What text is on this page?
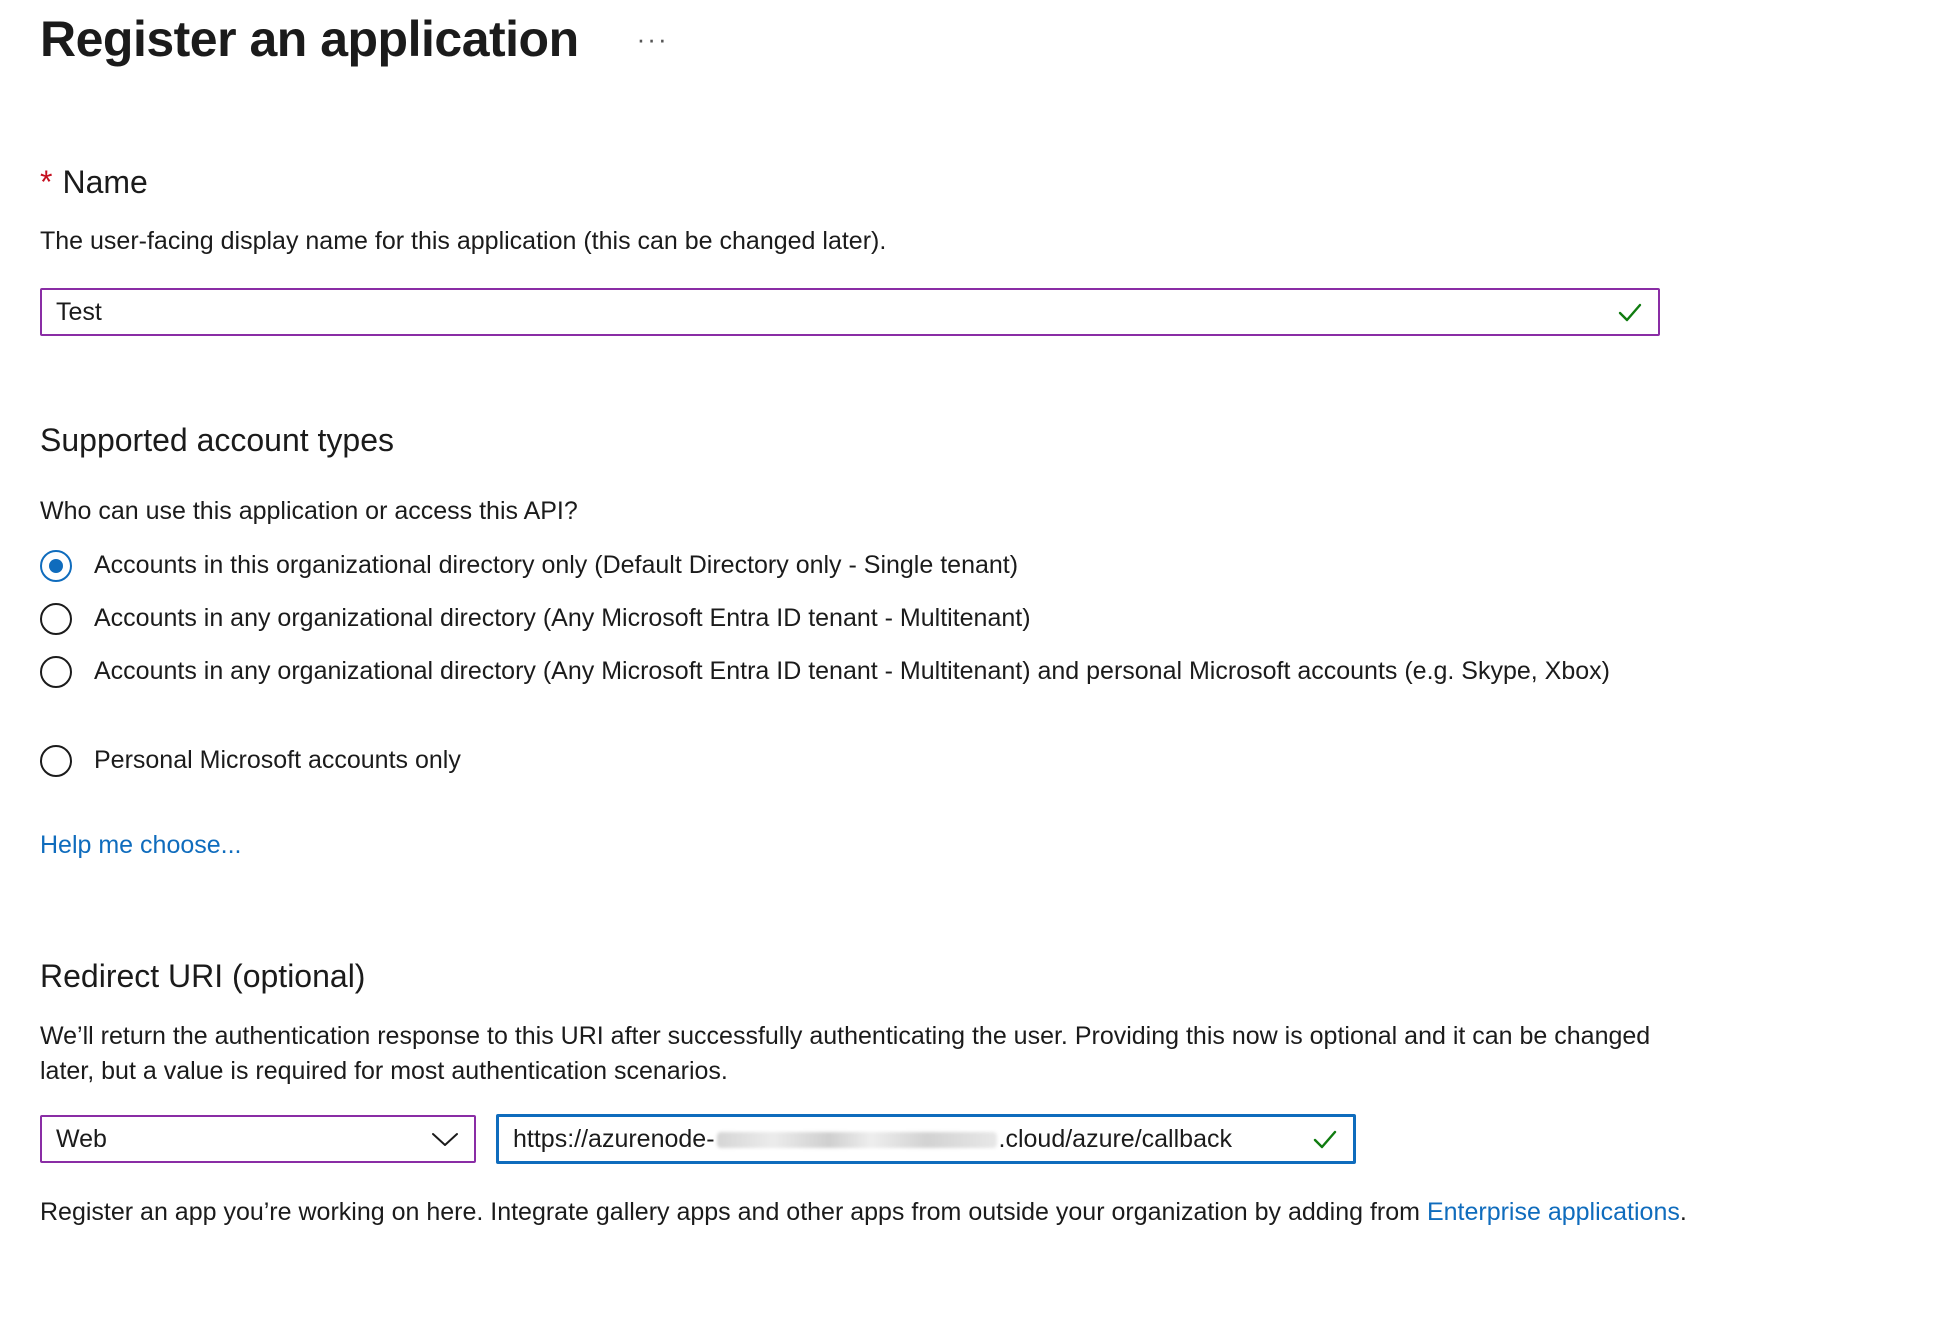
Register an application ···
* Name
The user-facing display name for this application (this can be changed later).
Test
Supported account types
Who can use this application or access this API?
Accounts in this organizational directory only (Default Directory only - Single tenant)
Accounts in any organizational directory (Any Microsoft Entra ID tenant - Multitenant)
Accounts in any organizational directory (Any Microsoft Entra ID tenant - Multitenant) and personal Microsoft accounts (e.g. Skype, Xbox)
Personal Microsoft accounts only
Help me choose...
Redirect URI (optional)
We’ll return the authentication response to this URI after successfully authenticating the user. Providing this now is optional and it can be changed later, but a value is required for most authentication scenarios.
Web	https://azurenode-	.cloud/azure/callback
Register an app you’re working on here. Integrate gallery apps and other apps from outside your organization by adding from Enterprise applications.
